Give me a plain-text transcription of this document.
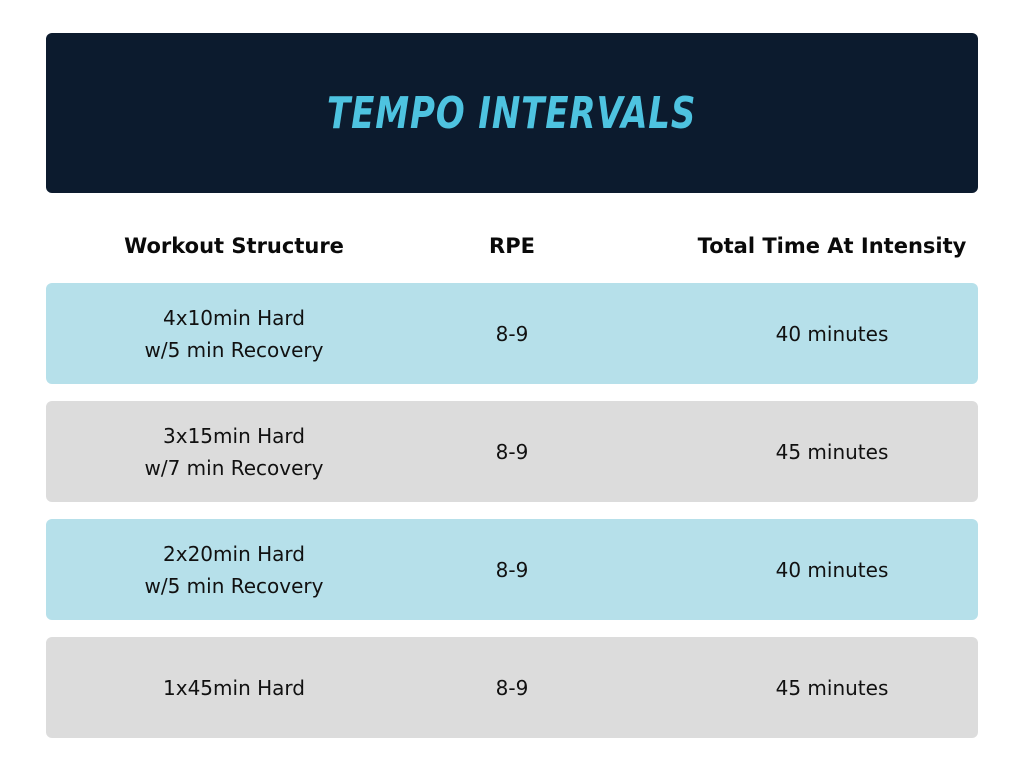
TEMPO INTERVALS
Workout Structure	RPE	Total Time At Intensity
4x10min Hard
w/5 min Recovery
8-9	40 minutes
3x15min Hard
w/7 min Recovery
8-9	45 minutes
2x20min Hard
w/5 min Recovery
8-9	40 minutes
1x45min Hard	8-9	45 minutes
